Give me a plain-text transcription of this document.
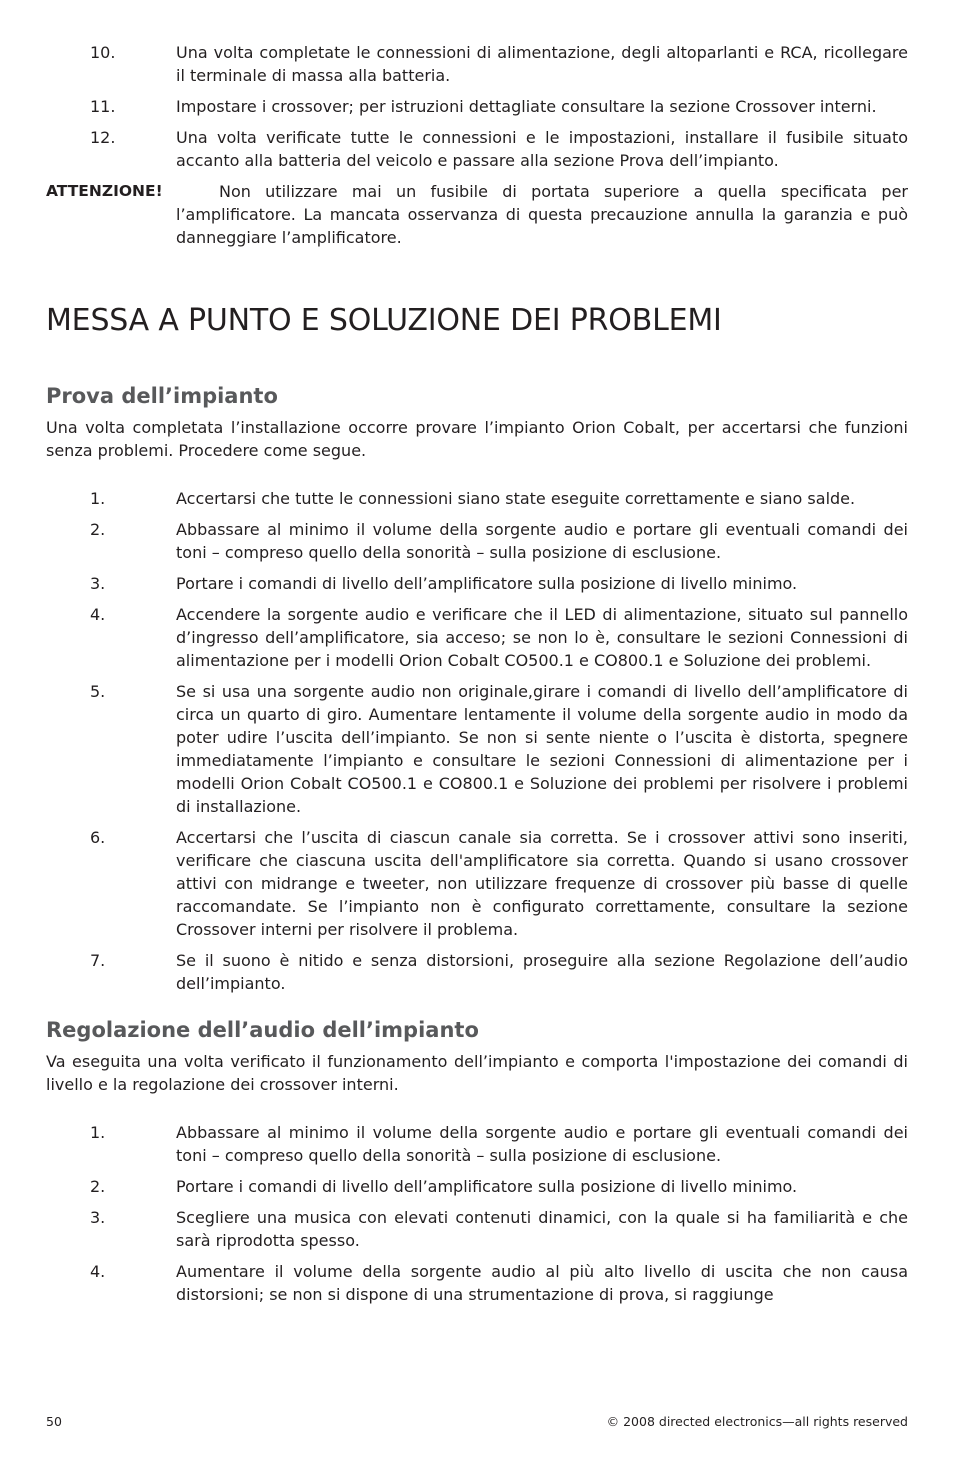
10.	Una volta completate le connessioni di alimentazione, degli altoparlanti e RCA, ricollegare il terminale di massa alla batteria.
11.	Impostare i crossover; per istruzioni dettagliate consultare la sezione Crossover interni.
12.	Una volta verificate tutte le connessioni e le impostazioni, installare il fusibile situato accanto alla batteria del veicolo e passare alla sezione Prova dell’impianto.
ATTENZIONE!	Non utilizzare mai un fusibile di portata superiore a quella specificata per l’amplificatore. La mancata osservanza di questa precauzione annulla la garanzia e può danneggiare l’amplificatore.
MESSA A PUNTO E SOLUZIONE DEI PROBLEMI
Prova dell’impianto

Una volta completata l’installazione occorre provare l’impianto Orion Cobalt, per accertarsi che funzioni senza problemi. Procedere come segue.

1.	Accertarsi che tutte le connessioni siano state eseguite correttamente e siano salde.
2.	Abbassare al minimo il volume della sorgente audio e portare gli eventuali comandi dei toni – compreso quello della sonorità – sulla posizione di esclusione.
3.	Portare i comandi di livello dell’amplificatore sulla posizione di livello minimo.
4.	Accendere la sorgente audio e verificare che il LED di alimentazione, situato sul pannello d’ingresso dell’amplificatore, sia acceso; se non lo è, consultare le sezioni Connessioni di alimentazione per i modelli Orion Cobalt CO500.1 e CO800.1 e Soluzione dei problemi.
5.	Se si usa una sorgente audio non originale,girare i comandi di livello dell’amplificatore di circa un quarto di giro. Aumentare lentamente il volume della sorgente audio in modo da poter udire l’uscita dell’impianto. Se non si sente niente o l’uscita è distorta, spegnere immediatamente l’impianto e consultare le sezioni Connessioni di alimentazione per i modelli Orion Cobalt CO500.1 e CO800.1 e Soluzione dei problemi per risolvere i problemi di installazione.
6.	Accertarsi che l’uscita di ciascun canale sia corretta. Se i crossover attivi sono inseriti, verificare che ciascuna uscita dell'amplificatore sia corretta. Quando si usano crossover attivi con midrange e tweeter, non utilizzare frequenze di crossover più basse di quelle raccomandate. Se l’impianto non è configurato correttamente, consultare la sezione Crossover interni per risolvere il problema.
7.	Se il suono è nitido e senza distorsioni, proseguire alla sezione Regolazione dell’audio dell’impianto.
Regolazione dell’audio dell’impianto

Va eseguita una volta verificato il funzionamento dell’impianto e comporta l'impostazione dei comandi di livello e la regolazione dei crossover interni.

1.	Abbassare al minimo il volume della sorgente audio e portare gli eventuali comandi dei toni – compreso quello della sonorità – sulla posizione di esclusione.
2.	Portare i comandi di livello dell’amplificatore sulla posizione di livello minimo.
3.	Scegliere una musica con elevati contenuti dinamici, con la quale si ha familiarità e che sarà riprodotta spesso.
4.	Aumentare il volume della sorgente audio al più alto livello di uscita che non causa distorsioni; se non si dispone di una strumentazione di prova, si raggiunge
50	© 2008 directed electronics—all rights reserved
